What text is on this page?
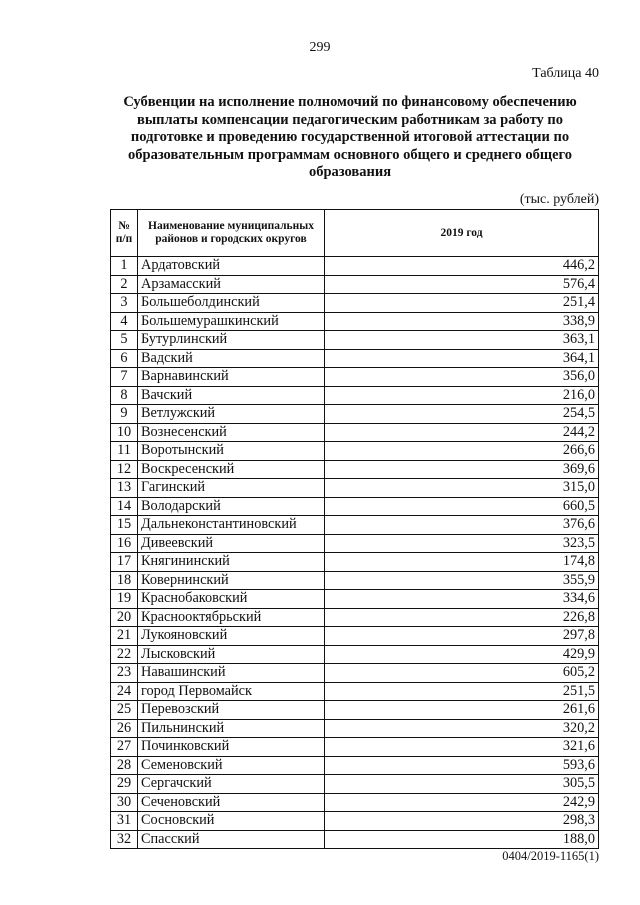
299
Таблица 40
Субвенции на исполнение полномочий по финансовому обеспечению
выплаты компенсации педагогическим работникам за работу по
подготовке и проведению государственной итоговой аттестации по
образовательным программам основного общего и среднего общего
образования
(тыс. рублей)
№ п/п	Наименование муниципальных районов и городских округов	2019 год
1	Ардатовский	446,2
2	Арзамасский	576,4
3	Большеболдинский	251,4
4	Большемурашкинский	338,9
5	Бутурлинский	363,1
6	Вадский	364,1
7	Варнавинский	356,0
8	Вачский	216,0
9	Ветлужский	254,5
10	Вознесенский	244,2
11	Воротынский	266,6
12	Воскресенский	369,6
13	Гагинский	315,0
14	Володарский	660,5
15	Дальнеконстантиновский	376,6
16	Дивеевский	323,5
17	Княгининский	174,8
18	Ковернинский	355,9
19	Краснобаковский	334,6
20	Краснооктябрьский	226,8
21	Лукояновский	297,8
22	Лысковский	429,9
23	Навашинский	605,2
24	город Первомайск	251,5
25	Перевозский	261,6
26	Пильнинский	320,2
27	Починковский	321,6
28	Семеновский	593,6
29	Сергачский	305,5
30	Сеченовский	242,9
31	Сосновский	298,3
32	Спасский	188,0
0404/2019-1165(1)
